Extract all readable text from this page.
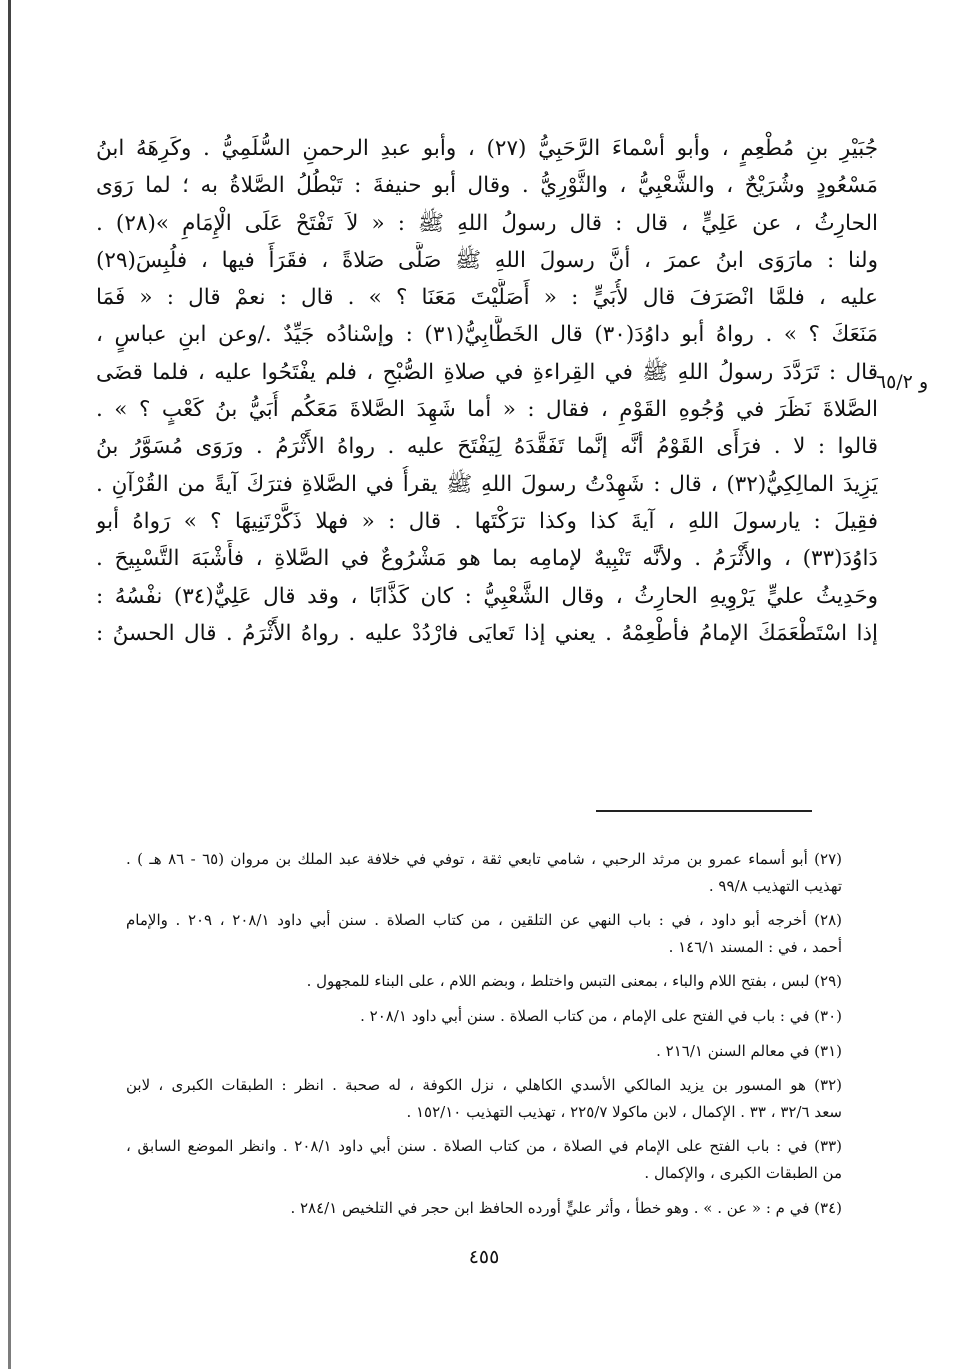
جُبَيْرِ بنِ مُطْعِمٍ ، وأبو أسْماءَ الرَّحَبِيُّ (٢٧) ، وأبو عبدِ الرحمنِ السُّلَمِيُّ . وكَرِهَهُ ابنُ
مَسْعُودٍ وشُرَيْحٌ ، والشَّعْبِيُّ ، والثَّوْرِيُّ . وقال أبو حنيفةَ : تَبْطُلُ الصَّلاةُ به ؛ لما رَوَى
الحارِثُ ، عن عَلِيٍّ ، قال : قال رسولُ اللهِ ﷺ : « لاَ تَفْتَحْ عَلَى الْإِمَامِ »(٢٨) .
ولنا : مارَوَى ابنُ عمرَ ، أنَّ رسولَ اللهِ ﷺ صَلَّى صَلاةً ، فقَرَأَ فيها ، فلُبِسَ(٢٩)
عليه ، فلمَّا انْصَرَفَ قال لأُبَيٍّ : « أَصَلَّيْتَ مَعَنَا ؟ » . قال : نعمْ قال : « فَمَا
مَنَعَكَ ؟ » . رواهُ أبو داوُدَ(٣٠) قال الخَطَّابِيُّ(٣١) : وإسْنادُه جَيِّدٌ ./وعن ابنِ عباسٍ ،
قال : تَرَدَّدَ رسولُ اللهِ ﷺ في القِراءةِ في صلاةِ الصُّبْحِ ، فلم يفْتَحُوا عليه ، فلما قضَى
الصَّلاةَ نَظَرَ في وُجُوهِ القَوْمِ ، فقال : « أما شَهِدَ الصَّلاةَ مَعَكُم أُبَيُّ بنُ كَعْبٍ ؟ » .
قالوا : لا . فرَأَى القَوْمُ أنَّه إنَّما تَفَقَّدَهُ لِيَفْتَحَ عليه . رواهُ الأَثْرَمُ . ورَوَى مُسَوَّرُ بنُ
يَزِيدَ المالِكِيُّ(٣٢) ، قال : شَهِدْتُ رسولَ اللهِ ﷺ يقرأُ في الصَّلاةِ فترَكَ آيةً من القُرْآنِ .
فقِيلَ : يارسولَ اللهِ ، آيةَ كذا وكذا ترَكْتَها . قال : « فهلا ذَكَّرْتَنِيهَا ؟ » رَواهُ أبو
دَاوُدَ(٣٣) ، والأَثْرَمُ . ولأنَّه تَنْبِيهٌ لإمامِه بما هو مَشْرُوعٌ في الصَّلاةِ ، فأَشْبَهَ التَّسْبِيحَ .
وحَدِيثُ عليٍّ يَرْوِيهِ الحارِثُ ، وقال الشَّعْبِيُّ : كان كَذَّابًا ، وقد قال عَلِيٌّ(٣٤) نفْسُهُ :
إذا اسْتَطْعَمَكَ الإمامُ فأطْعِمْهُ . يعني إذا تَعايَى فارْدُدْ عليه . رواهُ الأَثْرَمُ . قال الحسنُ :
و ٦٥/٢
(٢٧) أبو أسماء عمرو بن مرثد الرحبي ، شامي تابعي ثقة ، توفي في خلافة عبد الملك بن مروان (٦٥ - ٨٦ هـ ) .
تهذيب التهذيب ٩٩/٨ .
(٢٨) أخرجه أبو داود ، في : باب النهي عن التلقين ، من كتاب الصلاة . سنن أبي داود ٢٠٨/١ ، ٢٠٩ . والإمام
أحمد ، في : المسند ١٤٦/١ .
(٢٩) لبس ، بفتح اللام والباء ، بمعنى التبس واختلط ، وبضم اللام ، على البناء للمجهول .
(٣٠) في : باب في الفتح على الإمام ، من كتاب الصلاة . سنن أبي داود ٢٠٨/١ .
(٣١) في معالم السنن ٢١٦/١ .
(٣٢) هو المسور بن يزيد المالكي الأسدي الكاهلي ، نزل الكوفة ، له صحبة . انظر : الطبقات الكبرى ، لابن
سعد ٣٢/٦ ، ٣٣ . الإكمال ، لابن ماكولا ٢٢٥/٧ ، تهذيب التهذيب ١٥٢/١٠ .
(٣٣) في : باب الفتح على الإمام في الصلاة ، من كتاب الصلاة . سنن أبي داود ٢٠٨/١ . وانظر الموضع السابق ،
من الطبقات الكبرى ، والإكمال .
(٣٤) في م : « عن . » . وهو خطأ ، وأثر عليٍّ أورده الحافظ ابن حجر في التلخيص ٢٨٤/١ .
٤٥٥
